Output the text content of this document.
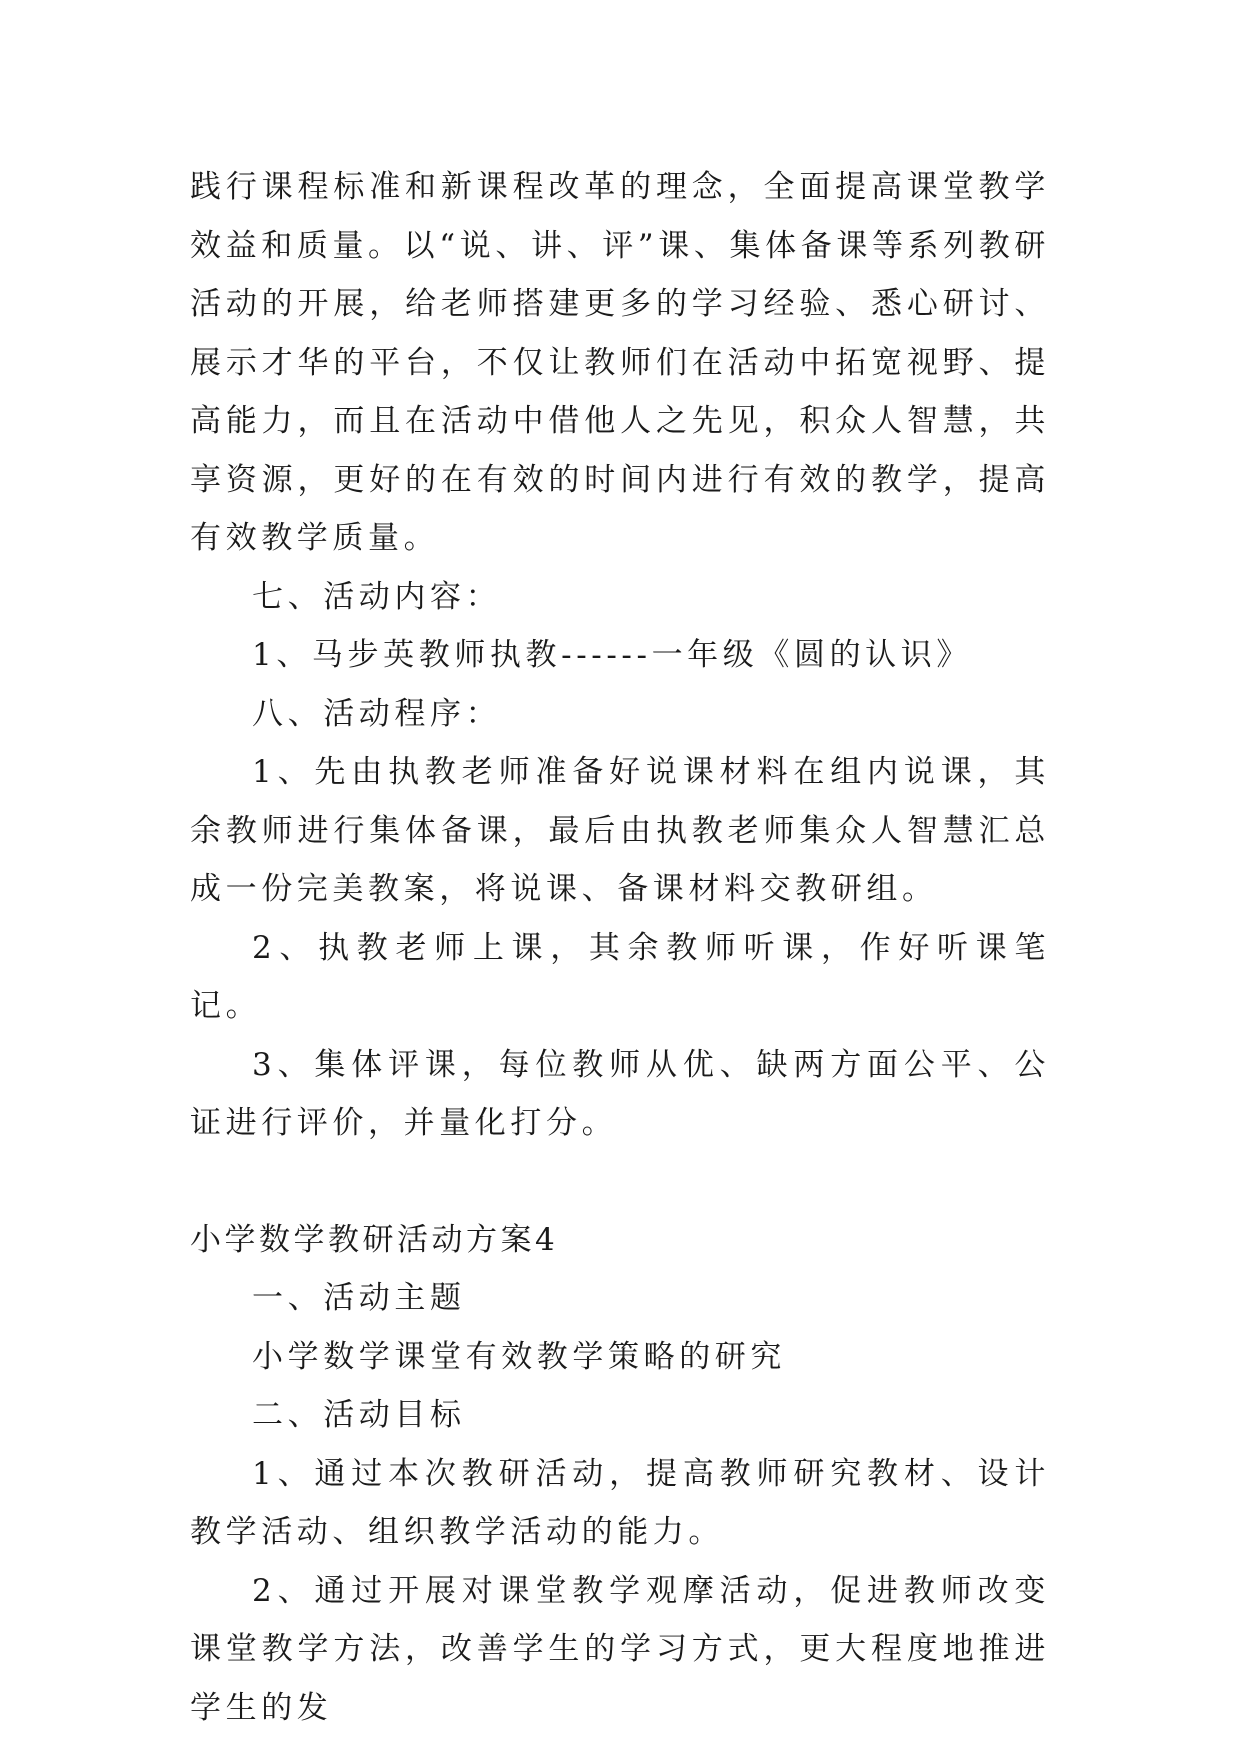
践行课程标准和新课程改革的理念，全面提高课堂教学效益和质量。以“说、讲、评”课、集体备课等系列教研活动的开展，给老师搭建更多的学习经验、悉心研讨、展示才华的平台，不仅让教师们在活动中拓宽视野、提高能力，而且在活动中借他人之先见，积众人智慧，共享资源，更好的在有效的时间内进行有效的教学，提高有效教学质量。

七、活动内容：

1、马步英教师执教------一年级《圆的认识》

八、活动程序：

1、先由执教老师准备好说课材料在组内说课，其余教师进行集体备课，最后由执教老师集众人智慧汇总成一份完美教案，将说课、备课材料交教研组。

2、执教老师上课，其余教师听课，作好听课笔记。

3、集体评课，每位教师从优、缺两方面公平、公证进行评价，并量化打分。

小学数学教研活动方案4

一、活动主题

小学数学课堂有效教学策略的研究

二、活动目标

1、通过本次教研活动，提高教师研究教材、设计教学活动、组织教学活动的能力。

2、通过开展对课堂教学观摩活动，促进教师改变课堂教学方法，改善学生的学习方式，更大程度地推进学生的发
